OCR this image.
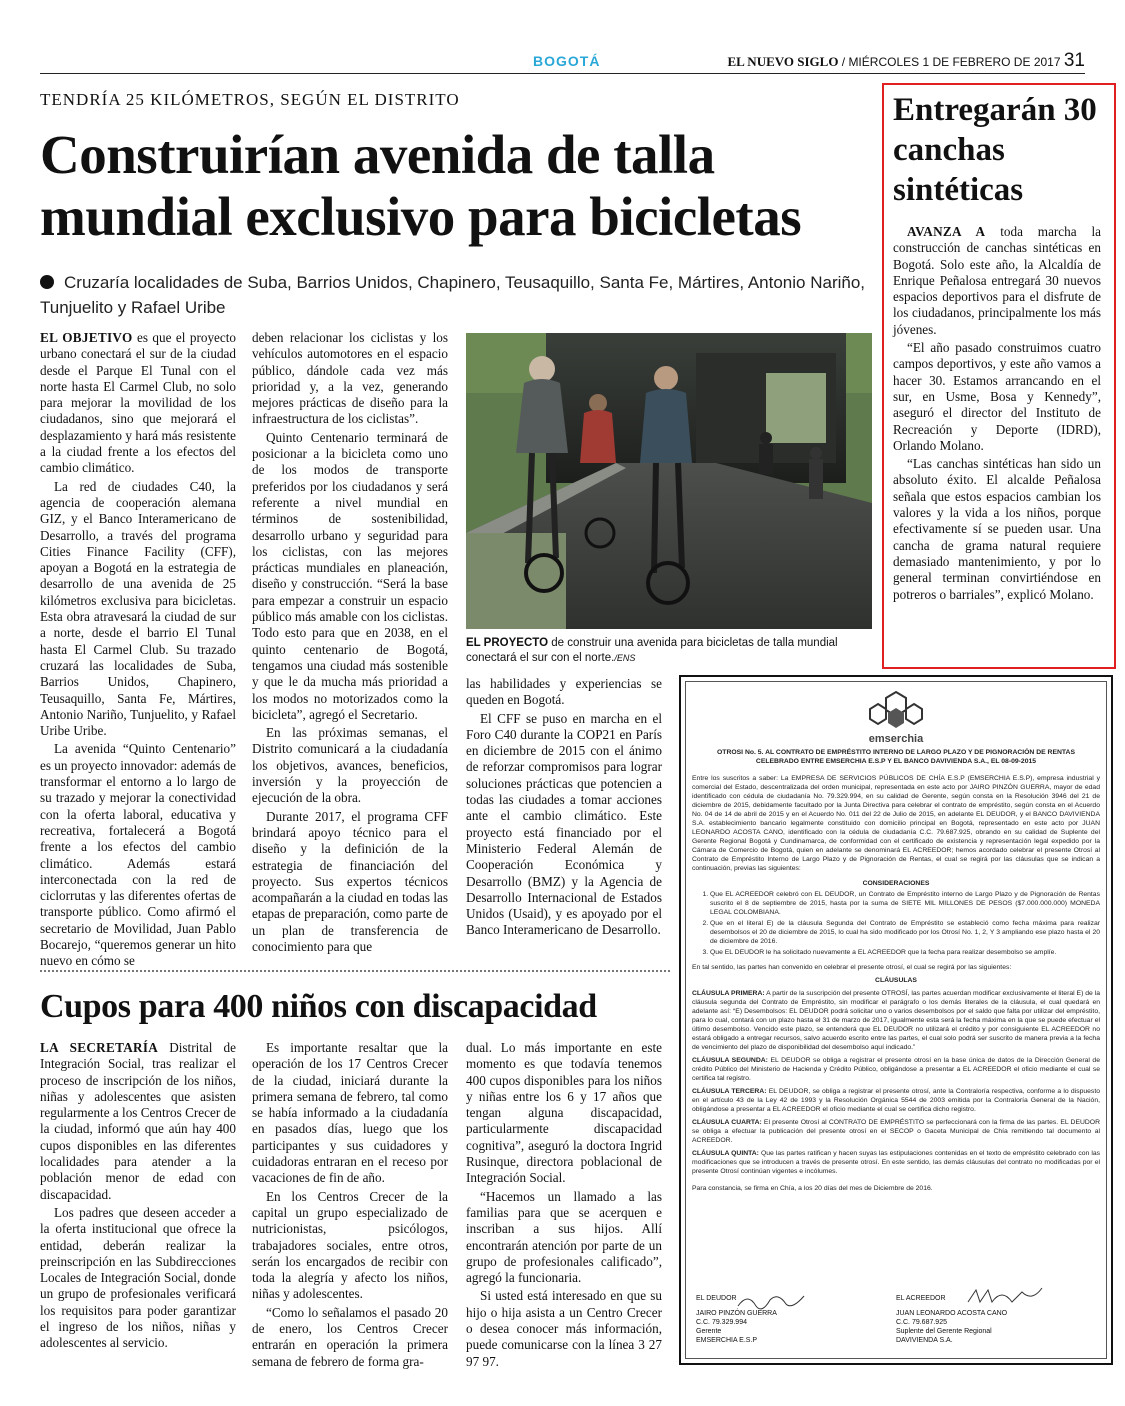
BOGOTÁ	EL NUEVO SIGLO / MIÉRCOLES 1 DE FEBRERO DE 2017 31
TENDRÍA 25 KILÓMETROS, SEGÚN EL DISTRITO
Construirían avenida de talla mundial exclusivo para bicicletas
Cruzaría localidades de Suba, Barrios Unidos, Chapinero, Teusaquillo, Santa Fe, Mártires, Antonio Nariño, Tunjuelito y Rafael Uribe

EL OBJETIVO es que el proyecto urbano conectará el sur de la ciudad desde el Parque El Tunal con el norte hasta El Carmel Club, no solo para mejorar la movilidad de los ciudadanos, sino que mejorará el desplazamiento y hará más resistente a la ciudad frente a los efectos del cambio climático.

La red de ciudades C40, la agencia de cooperación alemana GIZ, y el Banco Interamericano de Desarrollo, a través del programa Cities Finance Facility (CFF), apoyan a Bogotá en la estrategia de desarrollo de una avenida de 25 kilómetros exclusiva para bicicletas. Esta obra atravesará la ciudad de sur a norte, desde el barrio El Tunal hasta El Carmel Club. Su trazado cruzará las localidades de Suba, Barrios Unidos, Chapinero, Teusaquillo, Santa Fe, Mártires, Antonio Nariño, Tunjuelito, y Rafael Uribe Uribe.

La avenida “Quinto Centenario” es un proyecto innovador: además de transformar el entorno a lo largo de su trazado y mejorar la conectividad con la oferta laboral, educativa y recreativa, fortalecerá a Bogotá frente a los efectos del cambio climático. Además estará interconectada con la red de ciclorrutas y las diferentes ofertas de transporte público. Como afirmó el secretario de Movilidad, Juan Pablo Bocarejo, “queremos generar un hito nuevo en cómo se

deben relacionar los ciclistas y los vehículos automotores en el espacio público, dándole cada vez más prioridad y, a la vez, generando mejores prácticas de diseño para la infraestructura de los ciclistas”.

Quinto Centenario terminará de posicionar a la bicicleta como uno de los modos de transporte preferidos por los ciudadanos y será referente a nivel mundial en términos de sostenibilidad, desarrollo urbano y seguridad para los ciclistas, con las mejores prácticas mundiales en planeación, diseño y construcción. “Será la base para empezar a construir un espacio público más amable con los ciclistas. Todo esto para que en 2038, en el quinto centenario de Bogotá, tengamos una ciudad más sostenible y que le da mucha más prioridad a los modos no motorizados como la bicicleta”, agregó el Secretario.

En las próximas semanas, el Distrito comunicará a la ciudadanía los objetivos, avances, beneficios, inversión y la proyección de ejecución de la obra.

Durante 2017, el programa CFF brindará apoyo técnico para el diseño y la definición de la estrategia de financiación del proyecto. Sus expertos técnicos acompañarán a la ciudad en todas las etapas de preparación, como parte de un plan de transferencia de conocimiento para que

EL PROYECTO de construir una avenida para bicicletas de talla mundial conectará el sur con el norte./ENS

las habilidades y experiencias se queden en Bogotá.

El CFF se puso en marcha en el Foro C40 durante la COP21 en París en diciembre de 2015 con el ánimo de reforzar compromisos para lograr soluciones prácticas que potencien a todas las ciudades a tomar acciones ante el cambio climático. Este proyecto está financiado por el Ministerio Federal Alemán de Cooperación Económica y Desarrollo (BMZ) y la Agencia de Desarrollo Internacional de Estados Unidos (Usaid), y es apoyado por el Banco Interamericano de Desarrollo.

Entregarán 30 canchas sintéticas

AVANZA A toda marcha la construcción de canchas sintéticas en Bogotá. Solo este año, la Alcaldía de Enrique Peñalosa entregará 30 nuevos espacios deportivos para el disfrute de los ciudadanos, principalmente los más jóvenes.

“El año pasado construimos cuatro campos deportivos, y este año vamos a hacer 30. Estamos arrancando en el sur, en Usme, Bosa y Kennedy”, aseguró el director del Instituto de Recreación y Deporte (IDRD), Orlando Molano.

“Las canchas sintéticas han sido un absoluto éxito. El alcalde Peñalosa señala que estos espacios cambian los valores y la vida a los niños, porque efectivamente sí se pueden usar. Una cancha de grama natural requiere demasiado mantenimiento, y por lo general terminan convirtiéndose en potreros o barriales”, explicó Molano.

Cupos para 400 niños con discapacidad

LA SECRETARÍA Distrital de Integración Social, tras realizar el proceso de inscripción de los niños, niñas y adolescentes que asisten regularmente a los Centros Crecer de la ciudad, informó que aún hay 400 cupos disponibles en las diferentes localidades para atender a la población menor de edad con discapacidad.

Los padres que deseen acceder a la oferta institucional que ofrece la entidad, deberán realizar la preinscripción en las Subdirecciones Locales de Integración Social, donde un grupo de profesionales verificará los requisitos para poder garantizar el ingreso de los niños, niñas y adolescentes al servicio.

Es importante resaltar que la operación de los 17 Centros Crecer de la ciudad, iniciará durante la primera semana de febrero, tal como se había informado a la ciudadanía en pasados días, luego que los participantes y sus cuidadores y cuidadoras entraran en el receso por vacaciones de fin de año.

En los Centros Crecer de la capital un grupo especializado de nutricionistas, psicólogos, trabajadores sociales, entre otros, serán los encargados de recibir con toda la alegría y afecto los niños, niñas y adolescentes.

“Como lo señalamos el pasado 20 de enero, los Centros Crecer entrarán en operación la primera semana de febrero de forma gra-

dual. Lo más importante en este momento es que todavía tenemos 400 cupos disponibles para los niños y niñas entre los 6 y 17 años que tengan alguna discapacidad, particularmente discapacidad cognitiva”, aseguró la doctora Ingrid Rusinque, directora poblacional de Integración Social.

“Hacemos un llamado a las familias para que se acerquen e inscriban a sus hijos. Allí encontrarán atención por parte de un grupo de profesionales calificado”, agregó la funcionaria.

Si usted está interesado en que su hijo o hija asista a un Centro Crecer o desea conocer más información, puede comunicarse con la línea 3 27 97 97.

emserchia
OTROSI No. 5. AL CONTRATO DE EMPRÉSTITO INTERNO DE LARGO PLAZO Y DE PIGNORACIÓN DE RENTAS
CELEBRADO ENTRE EMSERCHIA E.S.P Y EL BANCO DAVIVIENDA S.A., EL 08-09-2015

Entre los suscritos a saber: La EMPRESA DE SERVICIOS PÚBLICOS DE CHÍA E.S.P (EMSERCHIA E.S.P), empresa industrial y comercial del Estado, descentralizada del orden municipal, representada en este acto por JAIRO PINZÓN GUERRA, mayor de edad identificado con cédula de ciudadanía No. 79.329.994, en su calidad de Gerente, según consta en la Resolución 3946 del 21 de diciembre de 2015, debidamente facultado por la Junta Directiva para celebrar el contrato de empréstito, según consta en el Acuerdo No. 04 de 14 de abril de 2015 y en el Acuerdo No. 011 del 22 de Julio de 2015, en adelante EL DEUDOR, y el BANCO DAVIVIENDA S.A. establecimiento bancario legalmente constituido con domicilio principal en Bogotá, representado en este acto por JUAN LEONARDO ACOSTA CANO, identificado con la cédula de ciudadanía C.C. 79.687.925, obrando en su calidad de Suplente del Gerente Regional Bogotá y Cundinamarca, de conformidad con el certificado de existencia y representación legal expedido por la Cámara de Comercio de Bogotá, quien en adelante se denominará EL ACREEDOR; hemos acordado celebrar el presente Otrosí al Contrato de Empréstito Interno de Largo Plazo y de Pignoración de Rentas, el cual se regirá por las cláusulas que se indican a continuación, previas las siguientes:

CONSIDERACIONES
1. Que EL ACREEDOR celebró con EL DEUDOR, un Contrato de Empréstito interno de Largo Plazo y de Pignoración de Rentas suscrito el 8 de septiembre de 2015, hasta por la suma de SIETE MIL MILLONES DE PESOS ($7.000.000.000) MONEDA LEGAL COLOMBIANA.
2. Que en el literal E) de la cláusula Segunda del Contrato de Empréstito se estableció como fecha máxima para realizar desembolsos el 20 de diciembre de 2015, lo cual ha sido modificado por los Otrosí No. 1, 2, Y 3 ampliando ese plazo hasta el 20 de diciembre de 2016.
3. Que EL DEUDOR le ha solicitado nuevamente a EL ACREEDOR que la fecha para realizar desembolso se amplíe.

En tal sentido, las partes han convenido en celebrar el presente otrosí, el cual se regirá por las siguientes:

CLÁUSULAS

CLÁUSULA PRIMERA: A partir de la suscripción del presente OTROSÍ, las partes acuerdan modificar exclusivamente el literal E) de la cláusula segunda del Contrato de Empréstito, sin modificar el parágrafo o los demás literales de la cláusula, el cual quedará en adelante así: “E) Desembolsos: EL DEUDOR podrá solicitar uno o varios desembolsos por el saldo que falta por utilizar del empréstito, para lo cual, contará con un plazo hasta el 31 de marzo de 2017, igualmente esta será la fecha máxima en la que se puede efectuar el último desembolso. Vencido este plazo, se entenderá que EL DEUDOR no utilizará el crédito y por consiguiente EL ACREEDOR no estará obligado a entregar recursos, salvo acuerdo escrito entre las partes, el cual solo podrá ser suscrito de manera previa a la fecha de vencimiento del plazo de disponibilidad del desembolso aquí indicado.”

CLÁUSULA SEGUNDA: EL DEUDOR se obliga a registrar el presente otrosí en la base única de datos de la Dirección General de crédito Público del Ministerio de Hacienda y Crédito Público, obligándose a presentar a EL ACREEDOR el oficio mediante el cual se certifica tal registro.

CLÁUSULA TERCERA: EL DEUDOR, se obliga a registrar el presente otrosí, ante la Contraloría respectiva, conforme a lo dispuesto en el artículo 43 de la Ley 42 de 1993 y la Resolución Orgánica 5544 de 2003 emitida por la Contraloría General de la Nación, obligándose a presentar a EL ACREEDOR el oficio mediante el cual se certifica dicho registro.

CLÁUSULA CUARTA: El presente Otrosí al CONTRATO DE EMPRÉSTITO se perfeccionará con la firma de las partes. EL DEUDOR se obliga a efectuar la publicación del presente otrosí en el SECOP o Gaceta Municipal de Chía remitiendo tal documento al ACREEDOR.

CLÁUSULA QUINTA: Que las partes ratifican y hacen suyas las estipulaciones contenidas en el texto de empréstito celebrado con las modificaciones que se introducen a través de presente otrosí. En este sentido, las demás cláusulas del contrato no modificadas por el presente Otrosí continúan vigentes e incólumes.

Para constancia, se firma en Chía, a los 20 días del mes de Diciembre de 2016.

EL DEUDOR
JAIRO PINZÓN GUERRA
C.C. 79.329.994
Gerente
EMSERCHIA E.S.P
EL ACREEDOR
JUAN LEONARDO ACOSTA CANO
C.C. 79.687.925
Suplente del Gerente Regional
DAVIVIENDA S.A.
